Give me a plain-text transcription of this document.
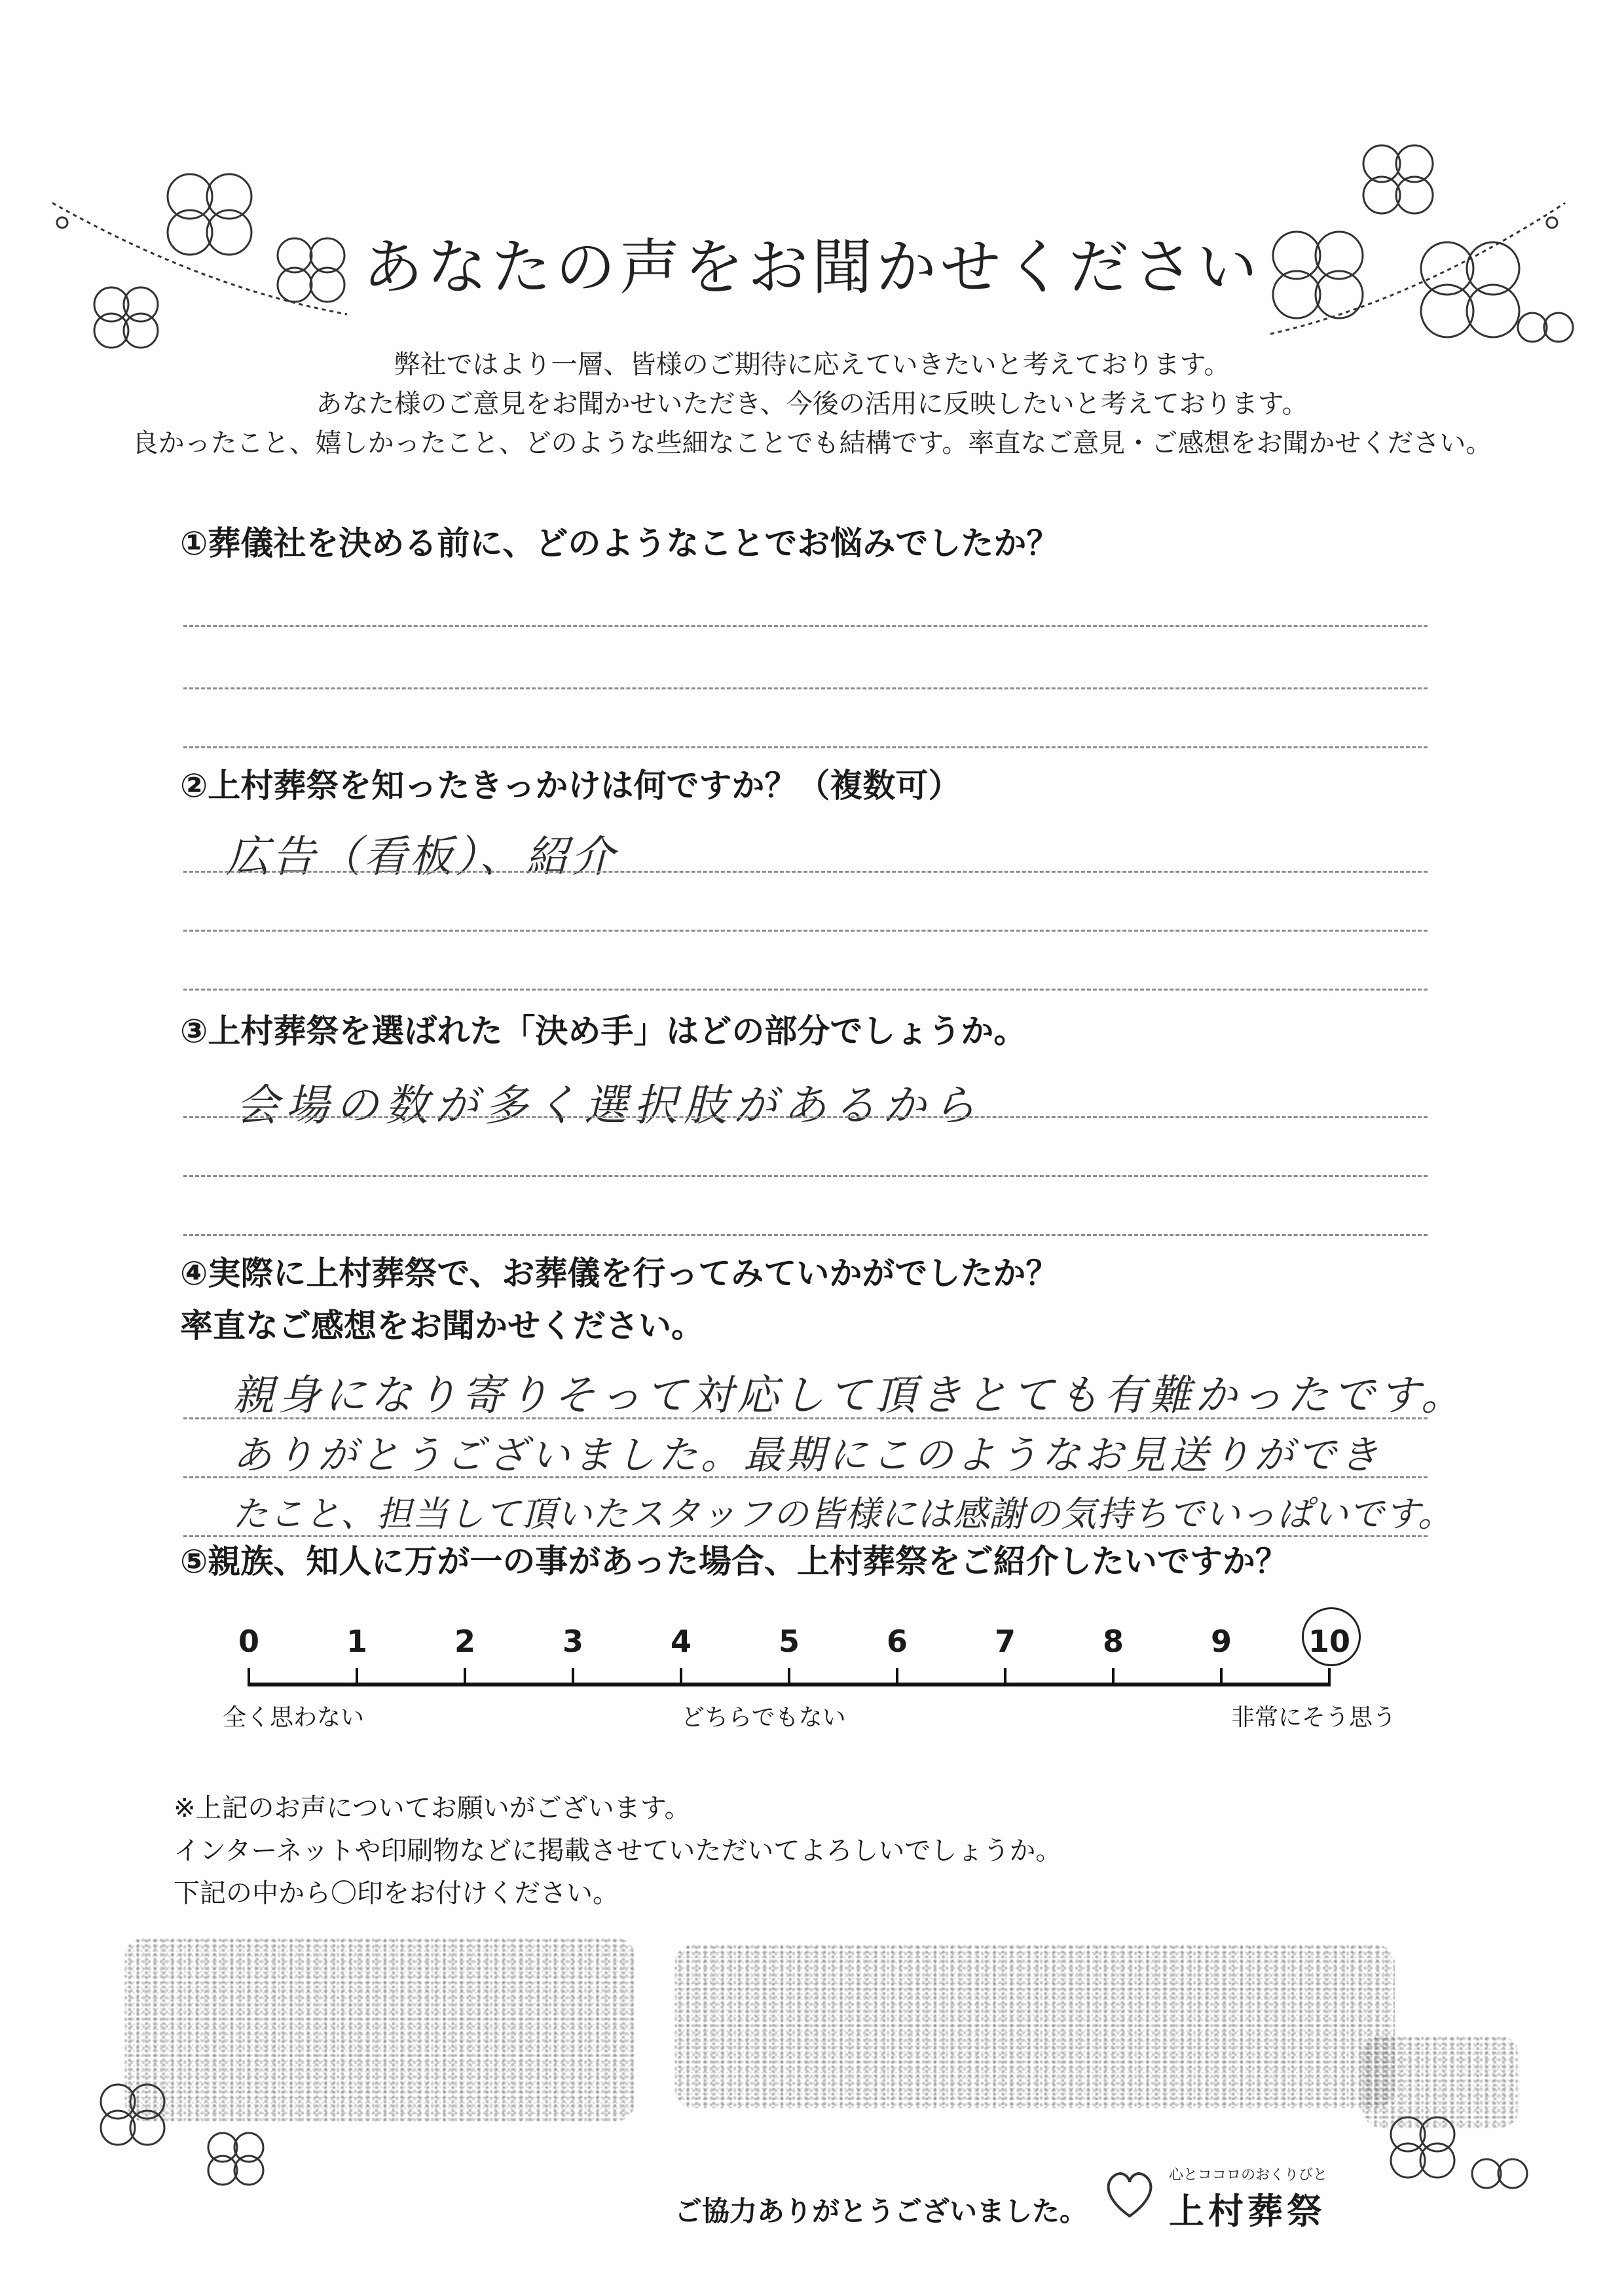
あなたの声をお聞かせください
弊社ではより一層、皆様のご期待に応えていきたいと考えております。
あなた様のご意見をお聞かせいただき、今後の活用に反映したいと考えております。
良かったこと、嬉しかったこと、どのような些細なことでも結構です。率直なご意見・ご感想をお聞かせください。
①葬儀社を決める前に、どのようなことでお悩みでしたか？
②上村葬祭を知ったきっかけは何ですか？（複数可）
広告（看板）、紹介
③上村葬祭を選ばれた「決め手」はどの部分でしょうか。
会場の数が多く選択肢があるから
④実際に上村葬祭で、お葬儀を行ってみていかがでしたか？
率直なご感想をお聞かせください。
親身になり寄りそって対応して頂きとても有難かったです。
ありがとうございました。最期にこのようなお見送りができ
たこと、担当して頂いたスタッフの皆様には感謝の気持ちでいっぱいです。
⑤親族、知人に万が一の事があった場合、上村葬祭をご紹介したいですか？
0	1	2	3	4	5	6	7	8	9	10
全く思わない	どちらでもない	非常にそう思う
※上記のお声についてお願いがございます。
インターネットや印刷物などに掲載させていただいてよろしいでしょうか。
下記の中から〇印をお付けください。
ご協力ありがとうございました。
心とココロのおくりびと
上村葬祭
